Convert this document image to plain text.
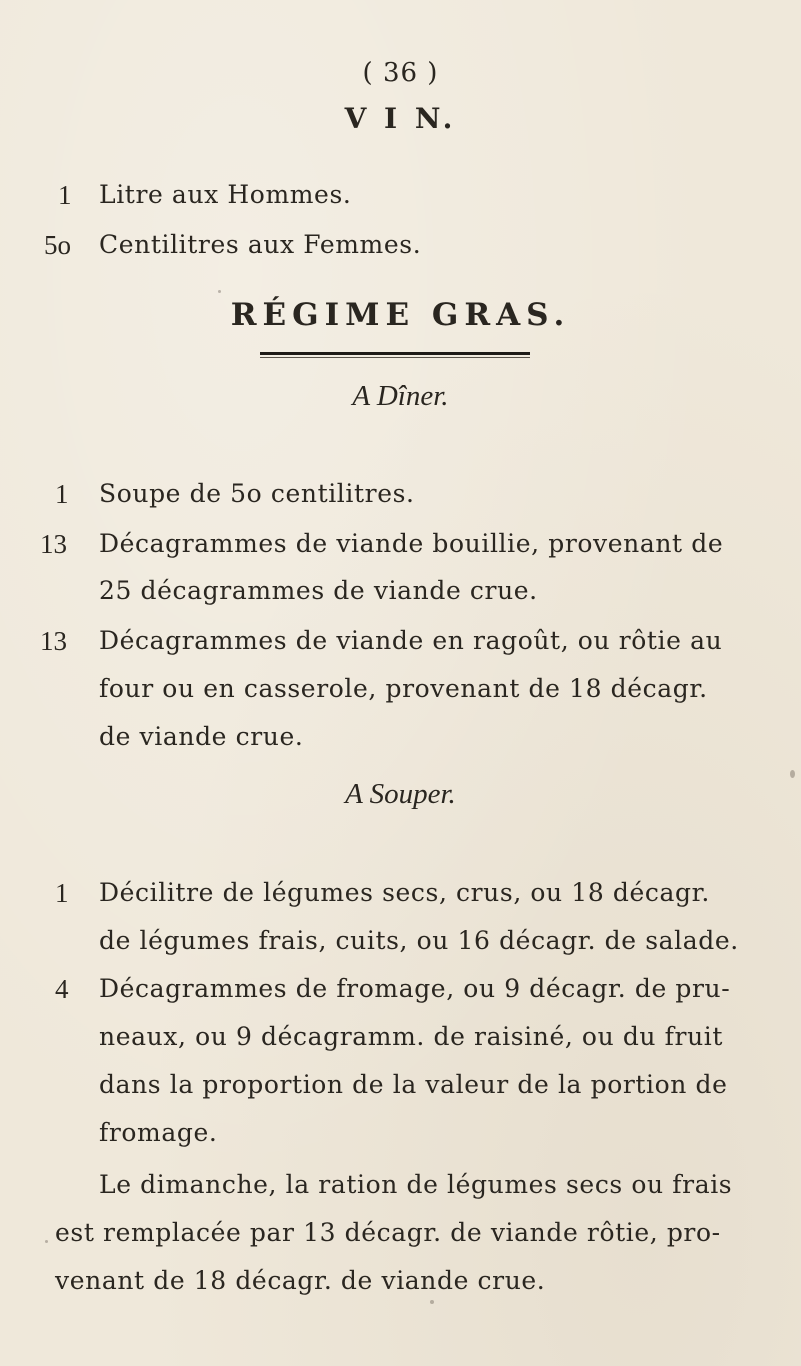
( 36 )
V I N.
1 Litre aux Hommes.
5o Centilitres aux Femmes.
RÉGIME GRAS.
A Dîner.
1 Soupe de 5o centilitres.
13 Décagrammes de viande bouillie, provenant de
25 décagrammes de viande crue.
13 Décagrammes de viande en ragoût, ou rôtie au
four ou en casserole, provenant de 18 décagr.
de viande crue.
A Souper.
1 Décilitre de légumes secs, crus, ou 18 décagr.
de légumes frais, cuits, ou 16 décagr. de salade.
4 Décagrammes de fromage, ou 9 décagr. de pru-
neaux, ou 9 décagramm. de raisiné, ou du fruit
dans la proportion de la valeur de la portion de
fromage.
Le dimanche, la ration de légumes secs ou frais
est remplacée par 13 décagr. de viande rôtie, pro-
venant de 18 décagr. de viande crue.
